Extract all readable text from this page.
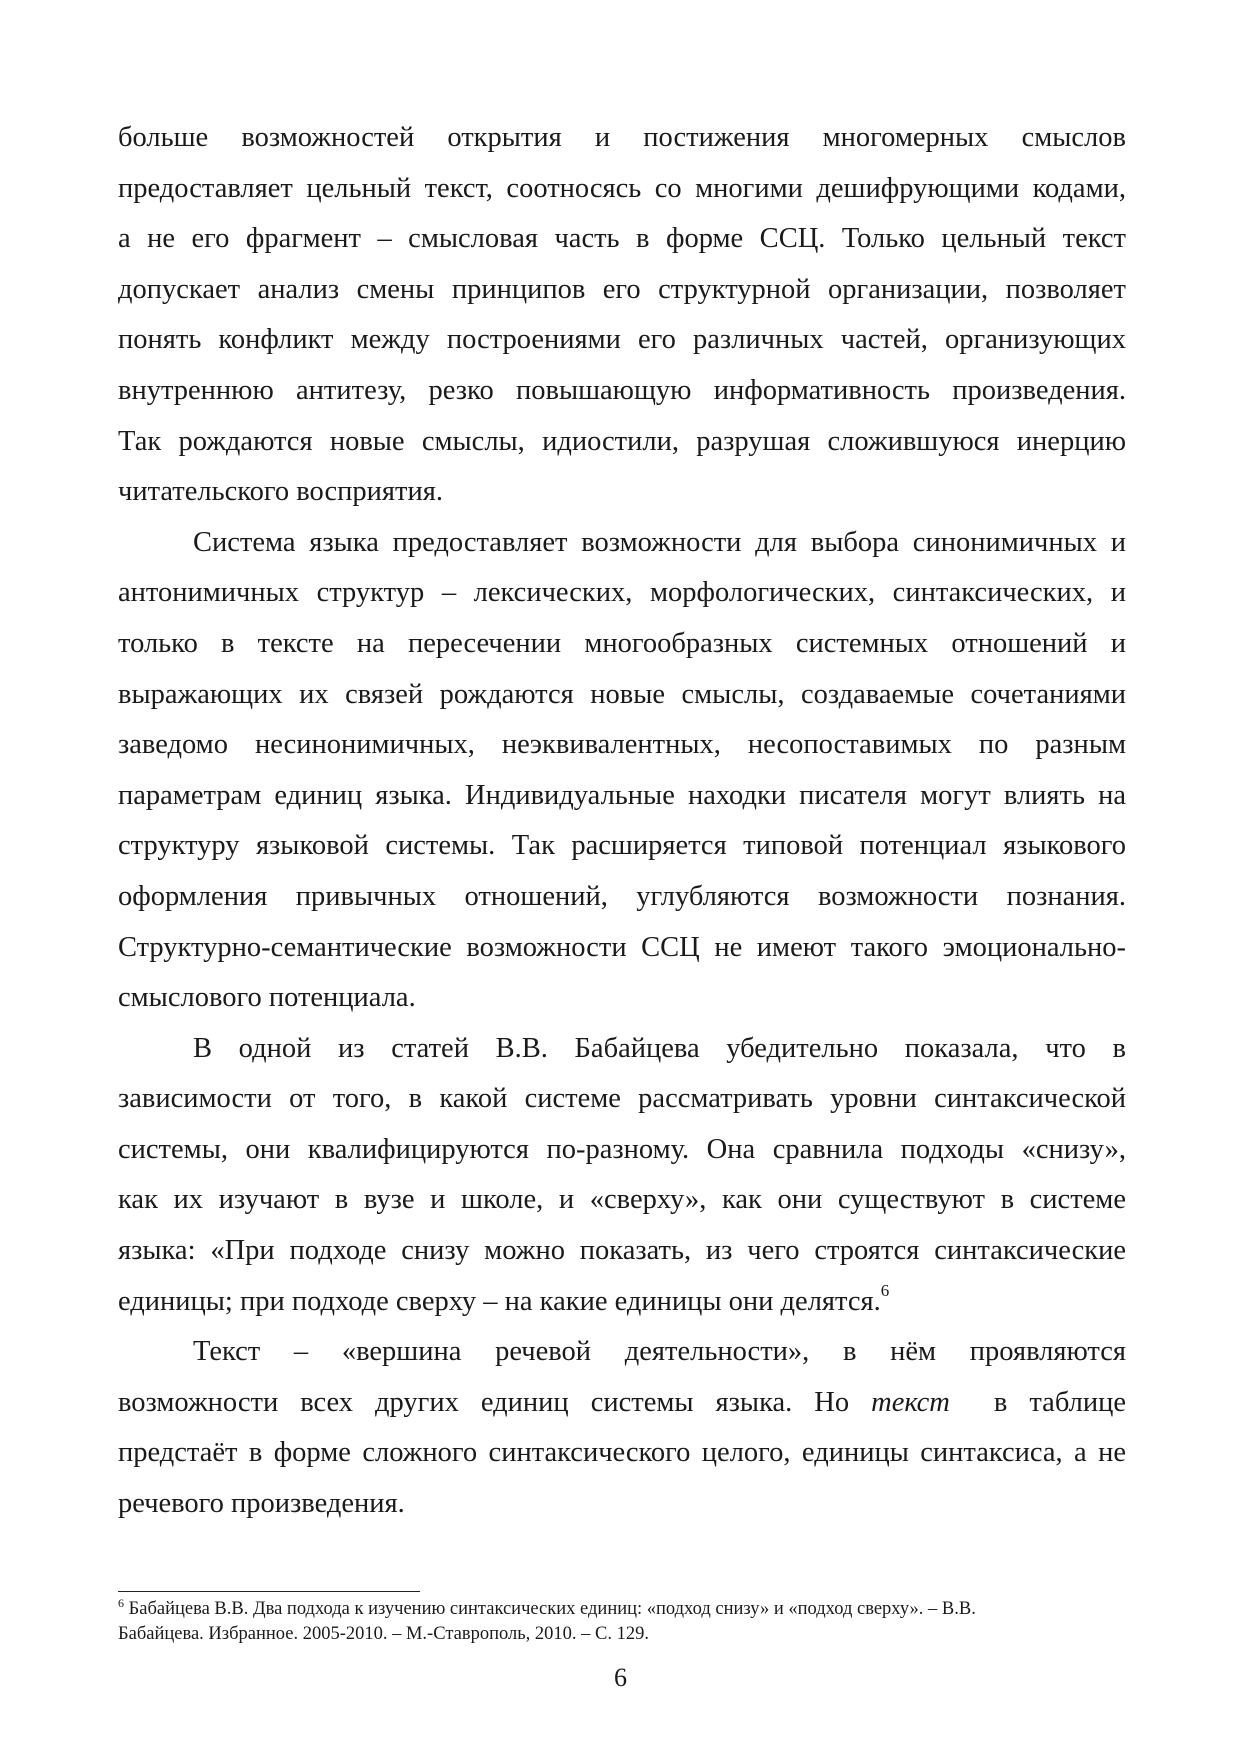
больше возможностей открытия и постижения многомерных смыслов
предоставляет цельный текст, соотносясь со многими дешифрующими кодами,
а не его фрагмент – смысловая часть в форме ССЦ. Только цельный текст
допускает анализ смены принципов его структурной организации, позволяет
понять конфликт между построениями его различных частей, организующих
внутреннюю антитезу, резко повышающую информативность произведения.
Так рождаются новые смыслы, идиостили, разрушая сложившуюся инерцию
читательского восприятия.

Система языка предоставляет возможности для выбора синонимичных и
антонимичных структур – лексических, морфологических, синтаксических, и
только в тексте на пересечении многообразных системных отношений и
выражающих их связей рождаются новые смыслы, создаваемые сочетаниями
заведомо несинонимичных, неэквивалентных, несопоставимых по разным
параметрам единиц языка. Индивидуальные находки писателя могут влиять на
структуру языковой системы. Так расширяется типовой потенциал языкового
оформления привычных отношений, углубляются возможности познания.
Структурно-семантические возможности ССЦ не имеют такого эмоционально-
смыслового потенциала.

В одной из статей В.В. Бабайцева убедительно показала, что в
зависимости от того, в какой системе рассматривать уровни синтаксической
системы, они квалифицируются по-разному. Она сравнила подходы «снизу»,
как их изучают в вузе и школе, и «сверху», как они существуют в системе
языка: «При подходе снизу можно показать, из чего строятся синтаксические
единицы; при подходе сверху – на какие единицы они делятся.$^6$

Текст – «вершина речевой деятельности», в нём проявляются
возможности всех других единиц системы языка. Но текст в таблице
предстаёт в форме сложного синтаксического целого, единицы синтаксиса, а не
речевого произведения.

$^6$ Бабайцева В.В. Два подхода к изучению синтаксических единиц: «подход снизу» и «подход сверху». – В.В.
Бабайцева. Избранное. 2005-2010. – М.-Ставрополь, 2010. – С. 129.
6
